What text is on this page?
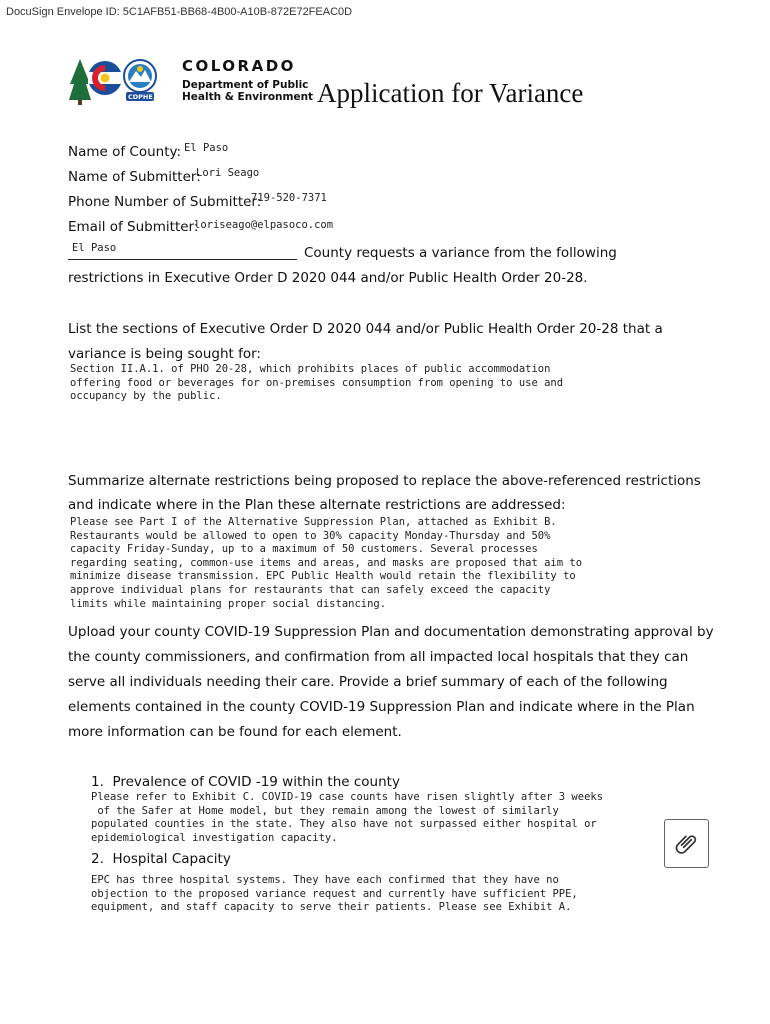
DocuSign Envelope ID: 5C1AFB51-BB68-4B00-A10B-872E72FEAC0D
CDPHE
COLORADO
Department of Public
Health & Environment Application for Variance
Name of County: El Paso
Name of Submitter:
Lori Seago
Phone Number of Submitter:
719-520-7371
Email of Submitter:
loriseago@elpasoco.com
El Paso	County requests a variance from the following
restrictions in Executive Order D 2020 044 and/or Public Health Order 20-28.
List the sections of Executive Order D 2020 044 and/or Public Health Order 20-28 that a
variance is being sought for:
Section II.A.1. of PHO 20-28, which prohibits places of public accommodation
offering food or beverages for on-premises consumption from opening to use and
occupancy by the public.
Summarize alternate restrictions being proposed to replace the above-referenced restrictions
and indicate where in the Plan these alternate restrictions are addressed:
Please see Part I of the Alternative Suppression Plan, attached as Exhibit B.
Restaurants would be allowed to open to 30% capacity Monday-Thursday and 50%
capacity Friday-Sunday, up to a maximum of 50 customers. Several processes
regarding seating, common-use items and areas, and masks are proposed that aim to
minimize disease transmission. EPC Public Health would retain the flexibility to
approve individual plans for restaurants that can safely exceed the capacity
limits while maintaining proper social distancing.
Upload your county COVID-19 Suppression Plan and documentation demonstrating approval by
the county commissioners, and confirmation from all impacted local hospitals that they can
serve all individuals needing their care. Provide a brief summary of each of the following
elements contained in the county COVID-19 Suppression Plan and indicate where in the Plan
more information can be found for each element.
1.  Prevalence of COVID -19 within the county
Please refer to Exhibit C. COVID-19 case counts have risen slightly after 3 weeks
of the Safer at Home model, but they remain among the lowest of similarly
populated counties in the state. They also have not surpassed either hospital or
epidemiological investigation capacity.
2.  Hospital Capacity
EPC has three hospital systems. They have each confirmed that they have no
objection to the proposed variance request and currently have sufficient PPE,
equipment, and staff capacity to serve their patients. Please see Exhibit A.
